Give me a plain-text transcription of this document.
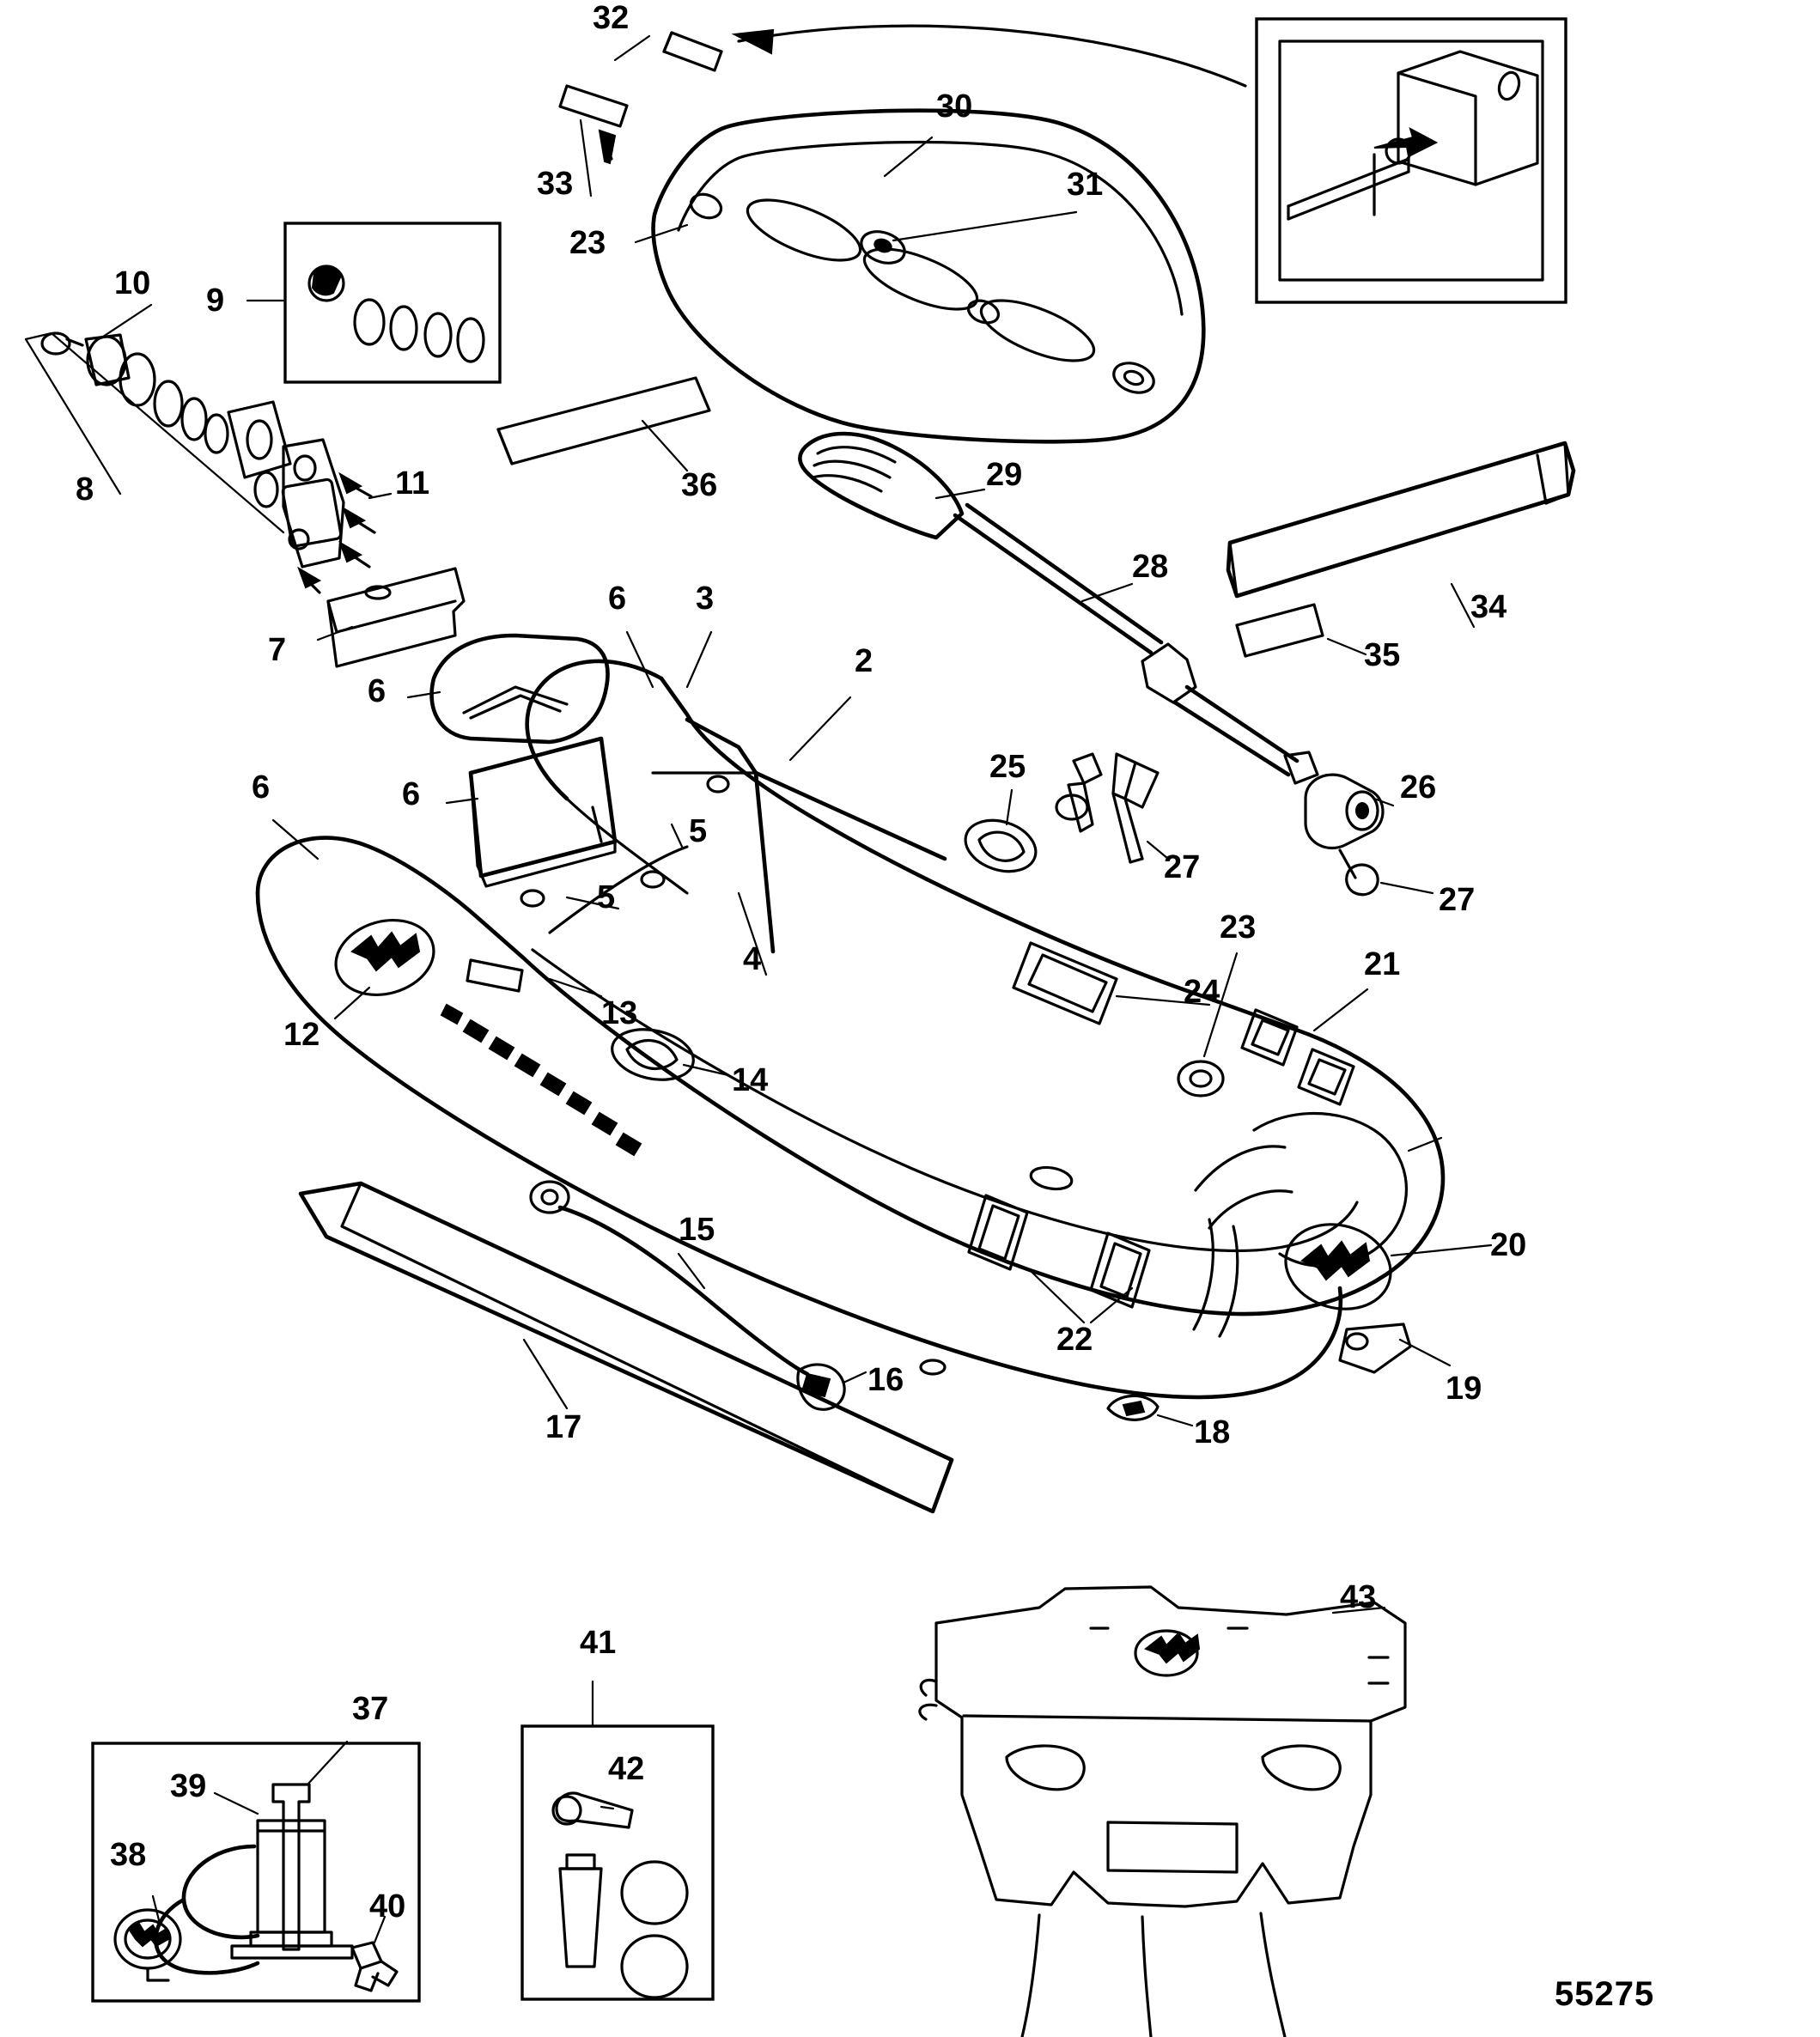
32
33
30
31
23
9
10
8	11
7
6
6
6
6 3
2
5
5
4
12
13
14
15
16
17	18
19
20
21
22
23
26
27
24
25
27
28
29
34
35
36
37
38
39
40
41
42
43
55275
